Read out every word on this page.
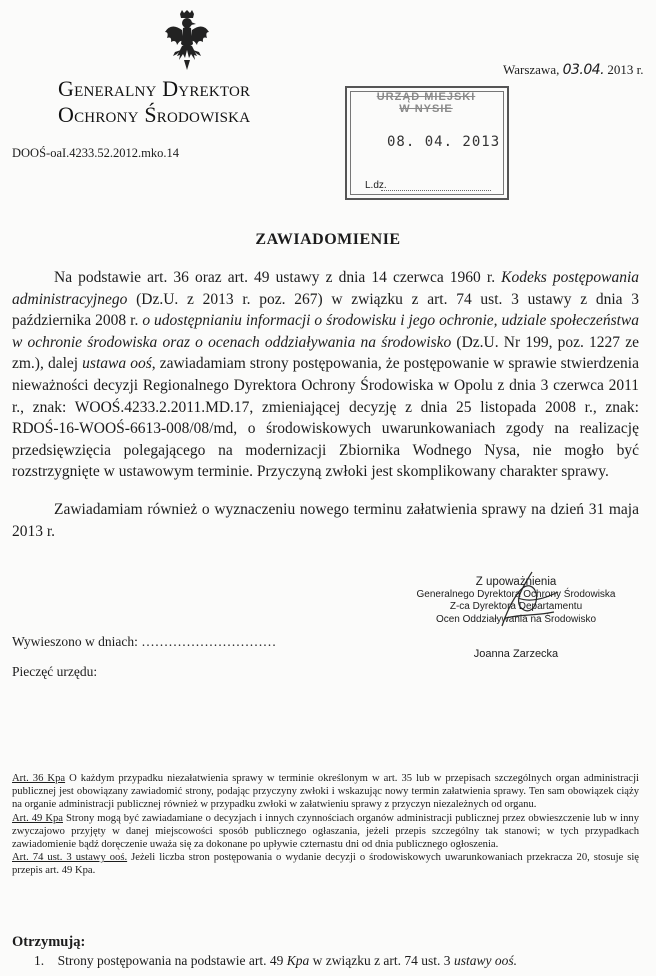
Generalny Dyrektor
Ochrony Środowiska
Warszawa, 03.04. 2013 r.
DOOŚ-oaI.4233.52.2012.mko.14
URZĄD MIEJSKI
W NYSIE
08. 04. 2013
L.dz.
ZAWIADOMIENIE

Na podstawie art. 36 oraz art. 49 ustawy z dnia 14 czerwca 1960 r. Kodeks postępowania administracyjnego (Dz.U. z 2013 r. poz. 267) w związku z art. 74 ust. 3 ustawy z dnia 3 października 2008 r. o udostępnianiu informacji o środowisku i jego ochronie, udziale społeczeństwa w ochronie środowiska oraz o ocenach oddziaływania na środowisko (Dz.U. Nr 199, poz. 1227 ze zm.), dalej ustawa ooś, zawiadamiam strony postępowania, że postępowanie w sprawie stwierdzenia nieważności decyzji Regionalnego Dyrektora Ochrony Środowiska w Opolu z dnia 3 czerwca 2011 r., znak: WOOŚ.4233.2.2011.MD.17, zmieniającej decyzję z dnia 25 listopada 2008 r., znak: RDOŚ-16-WOOŚ-6613-008/08/md, o środowiskowych uwarunkowaniach zgody na realizację przedsięwzięcia polegającego na modernizacji Zbiornika Wodnego Nysa, nie mogło być rozstrzygnięte w ustawowym terminie. Przyczyną zwłoki jest skomplikowany charakter sprawy.

Zawiadamiam również o wyznaczeniu nowego terminu załatwienia sprawy na dzień 31 maja 2013 r.

Z upoważnienia
Generalnego Dyrektora Ochrony Środowiska
Z-ca Dyrektora Departamentu
Ocen Oddziaływania na Środowisko
Joanna Zarzecka
Wywieszono w dniach: …………………………
Pieczęć urzędu:

Art. 36 Kpa O każdym przypadku niezałatwienia sprawy w terminie określonym w art. 35 lub w przepisach szczególnych organ administracji publicznej jest obowiązany zawiadomić strony, podając przyczyny zwłoki i wskazując nowy termin załatwienia sprawy. Ten sam obowiązek ciąży na organie administracji publicznej również w przypadku zwłoki w załatwieniu sprawy z przyczyn niezależnych od organu.

Art. 49 Kpa Strony mogą być zawiadamiane o decyzjach i innych czynnościach organów administracji publicznej przez obwieszczenie lub w inny zwyczajowo przyjęty w danej miejscowości sposób publicznego ogłaszania, jeżeli przepis szczególny tak stanowi; w tych przypadkach zawiadomienie bądź doręczenie uważa się za dokonane po upływie czternastu dni od dnia publicznego ogłoszenia.

Art. 74 ust. 3 ustawy ooś. Jeżeli liczba stron postępowania o wydanie decyzji o środowiskowych uwarunkowaniach przekracza 20, stosuje się przepis art. 49 Kpa.

Otrzymują:
1. Strony postępowania na podstawie art. 49 Kpa w związku z art. 74 ust. 3 ustawy ooś.
